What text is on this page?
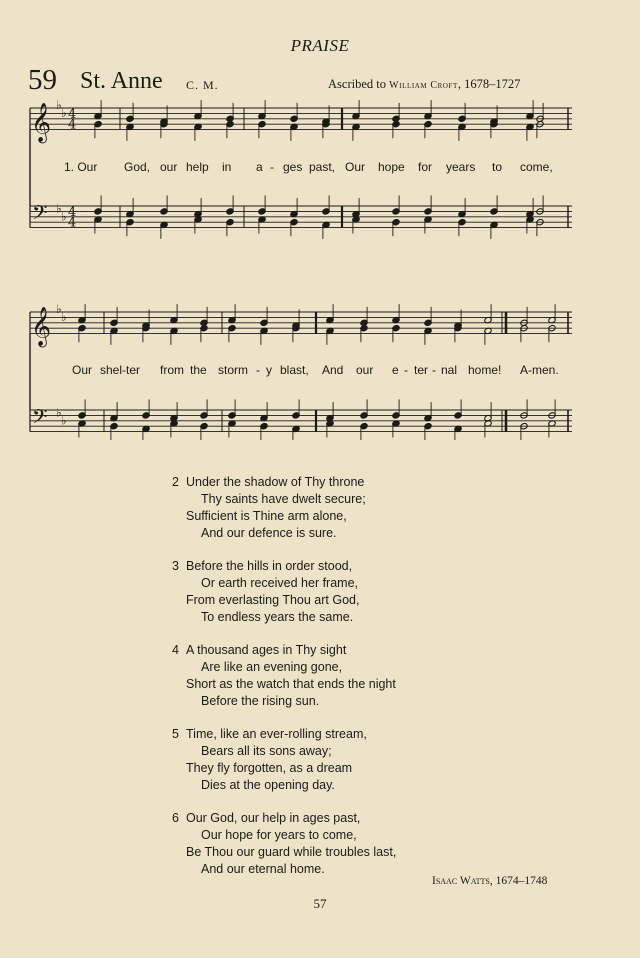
PRAISE
59 St. Anne C. M.	Ascribed to William Croft, 1678–1727
𝄞
𝄢
♭
♭
♭
♭
4
4
4
4
𝄞
𝄢
♭
♭
♭
♭
1. Our God, our help in a - ges past, Our hope for years to come,
Our shel-ter from the storm - y blast, And our e - ter - nal home! A-men.
2 Under the shadow of Thy throne
Thy saints have dwelt secure;
Sufficient is Thine arm alone,
And our defence is sure.
3 Before the hills in order stood,
Or earth received her frame,
From everlasting Thou art God,
To endless years the same.
4 A thousand ages in Thy sight
Are like an evening gone,
Short as the watch that ends the night
Before the rising sun.
5 Time, like an ever-rolling stream,
Bears all its sons away;
They fly forgotten, as a dream
Dies at the opening day.
6 Our God, our help in ages past,
Our hope for years to come,
Be Thou our guard while troubles last,
And our eternal home.
Isaac Watts, 1674–1748
57
